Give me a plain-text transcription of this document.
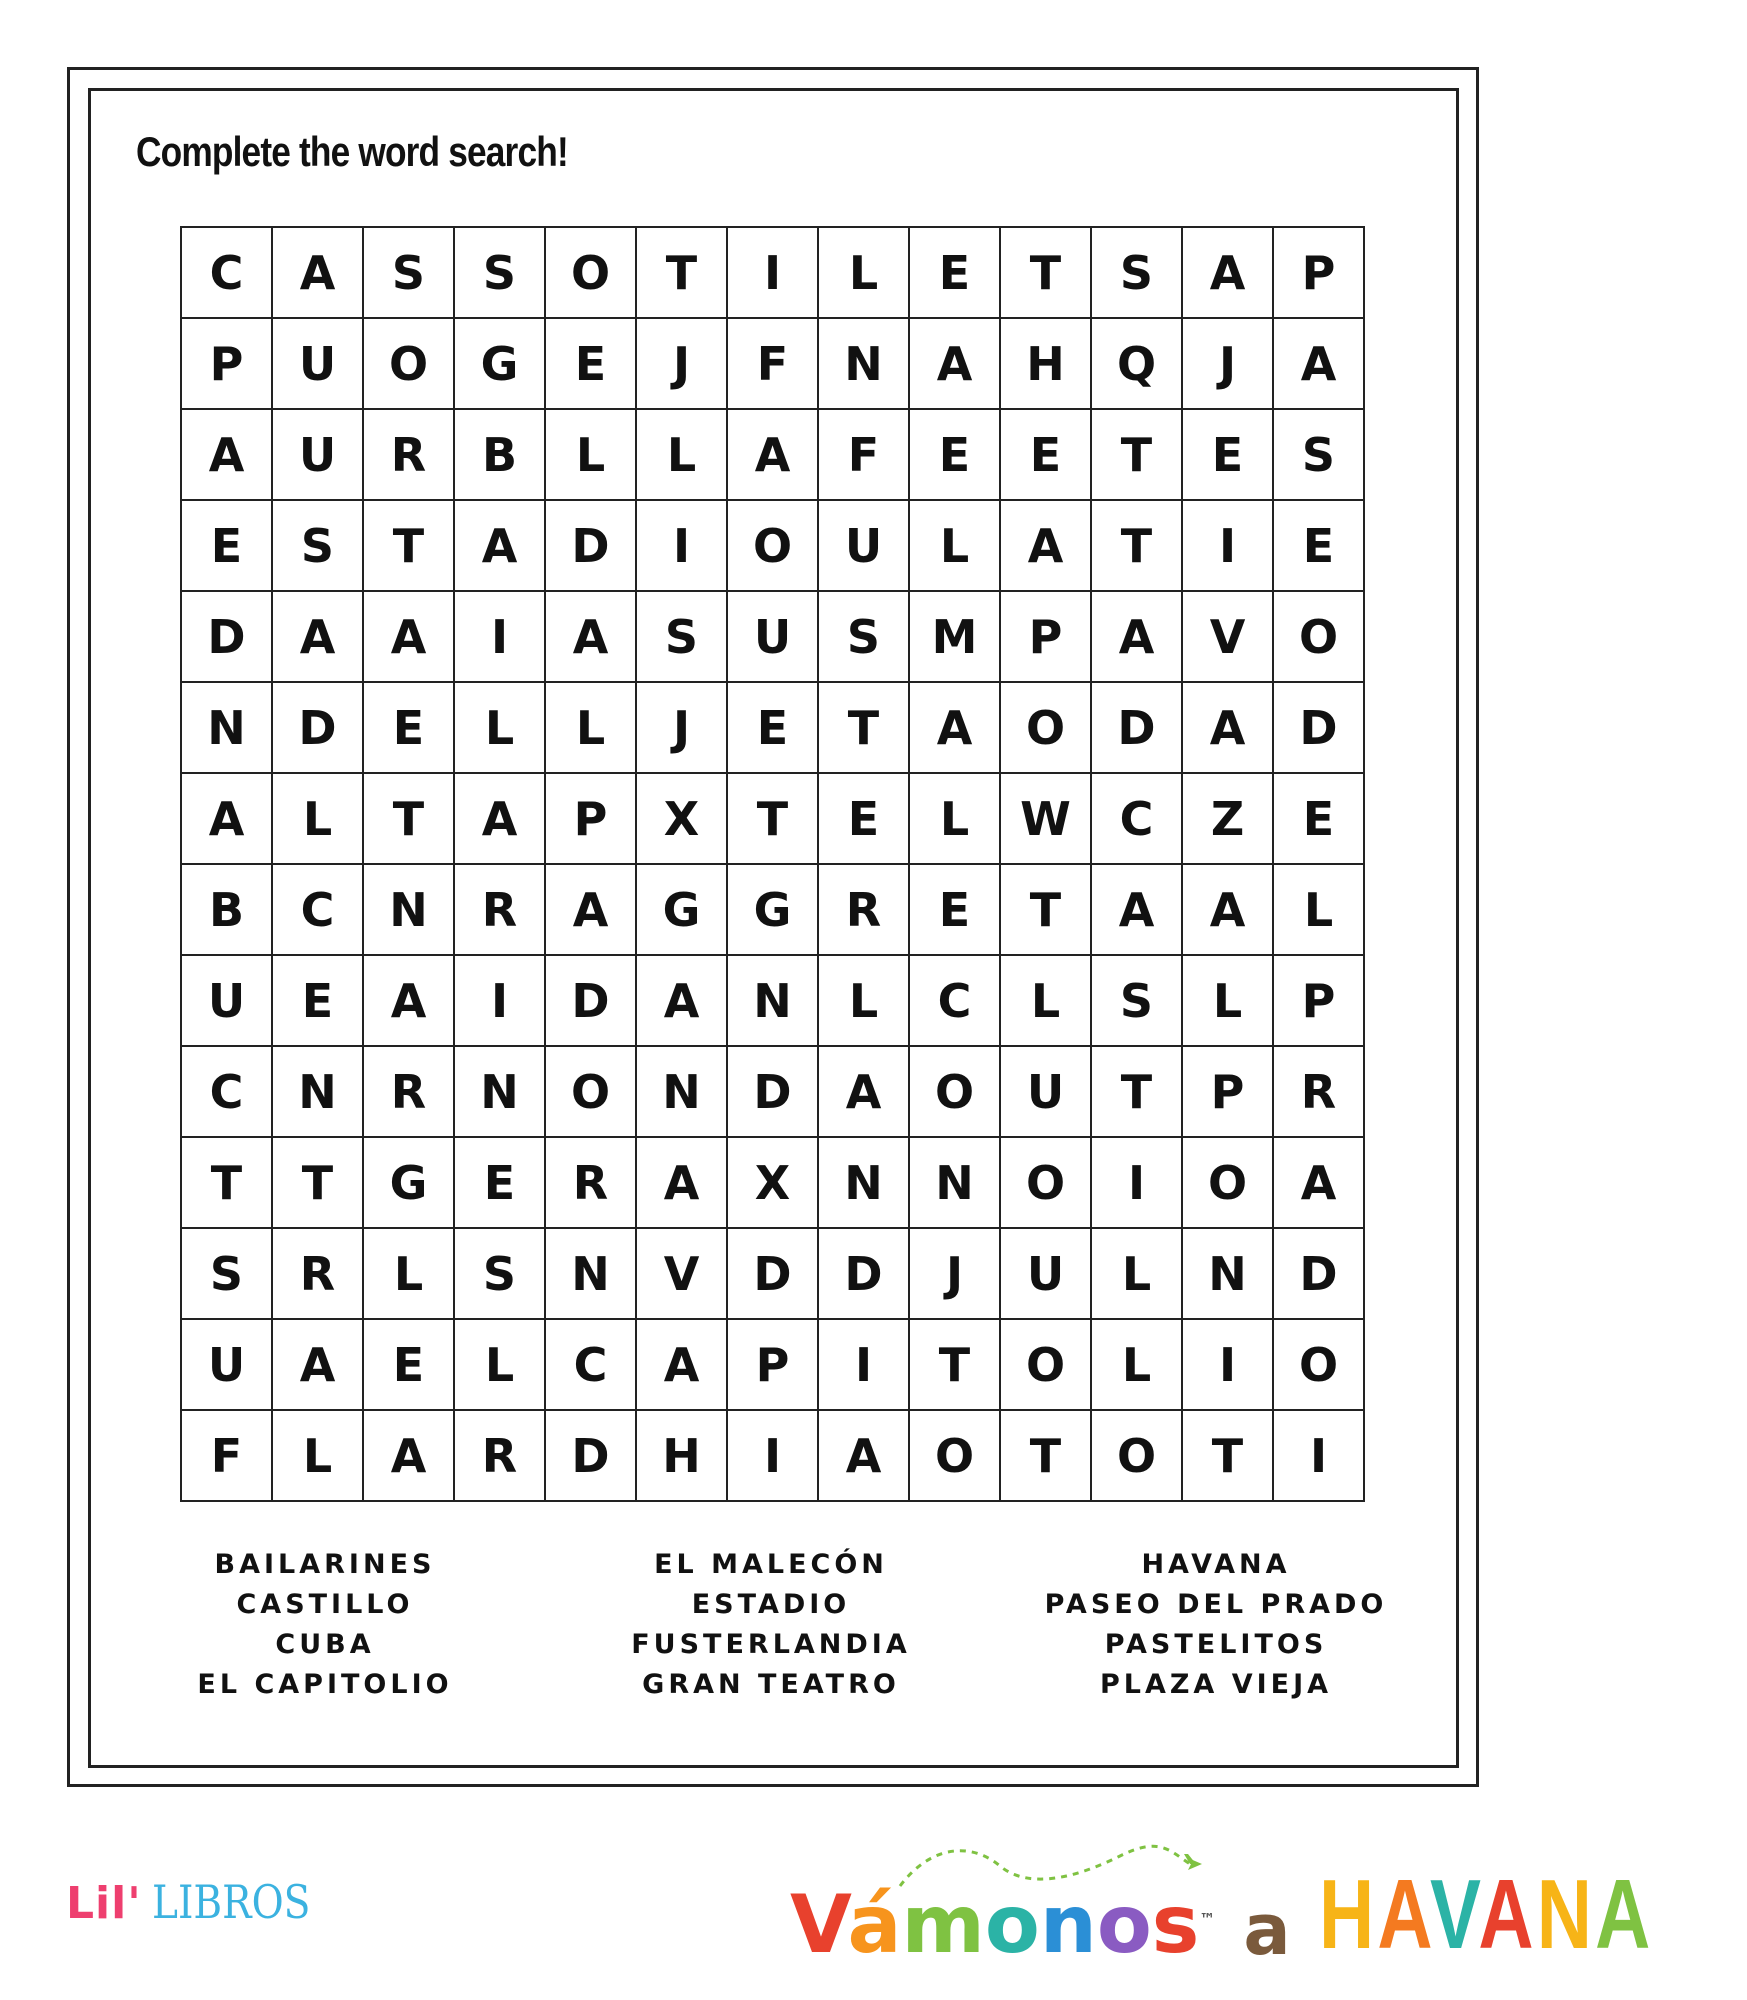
Complete the word search!
C	A	S	S	O	T	I	L	E	T	S	A	P
P	U	O	G	E	J	F	N	A	H	Q	J	A
A	U	R	B	L	L	A	F	E	E	T	E	S
E	S	T	A	D	I	O	U	L	A	T	I	E
D	A	A	I	A	S	U	S	M	P	A	V	O
N	D	E	L	L	J	E	T	A	O	D	A	D
A	L	T	A	P	X	T	E	L	W	C	Z	E
B	C	N	R	A	G	G	R	E	T	A	A	L
U	E	A	I	D	A	N	L	C	L	S	L	P
C	N	R	N	O	N	D	A	O	U	T	P	R
T	T	G	E	R	A	X	N	N	O	I	O	A
S	R	L	S	N	V	D	D	J	U	L	N	D
U	A	E	L	C	A	P	I	T	O	L	I	O
F	L	A	R	D	H	I	A	O	T	O	T	I
BAILARINES
CASTILLO
CUBA
EL CAPITOLIO
EL MALECÓN
ESTADIO
FUSTERLANDIA
GRAN TEATRO
HAVANA
PASEO DEL PRADO
PASTELITOS
PLAZA VIEJA
Lil' LIBROS	Vámonos™ a HAVANA
